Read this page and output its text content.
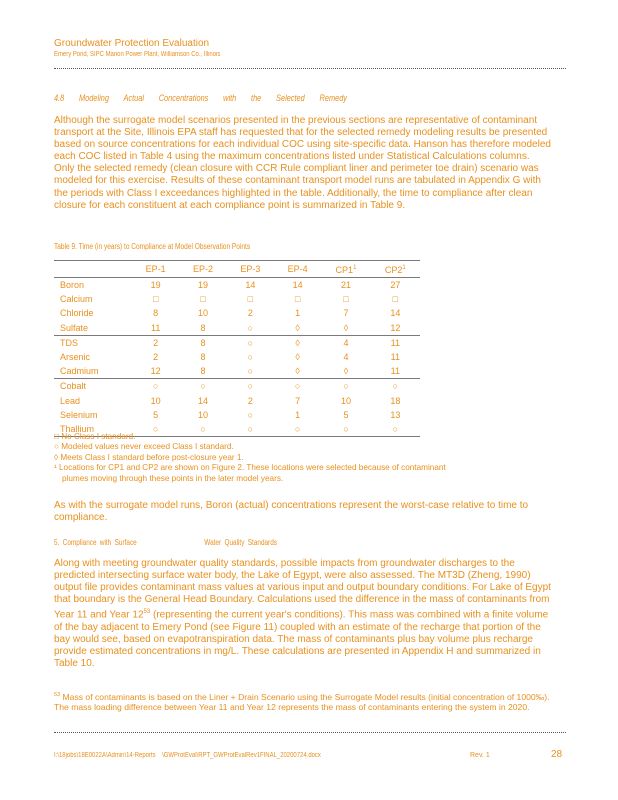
Groundwater Protection Evaluation
Emery Pond, SIPC Marion Power Plant, Williamson Co., Illinois
4.8    Modeling    Actual    Concentrations    with    the    Selected    Remedy

Although the surrogate model scenarios presented in the previous sections are representative of contaminant transport at the Site, Illinois EPA staff has requested that for the selected remedy modeling results be presented based on source concentrations for each individual COC using site-specific data. Hanson has therefore modeled each COC listed in Table 4 using the maximum concentrations listed under Statistical Calculations columns. Only the selected remedy (clean closure with CCR Rule compliant liner and perimeter toe drain) scenario was modeled for this exercise. Results of these contaminant transport model runs are tabulated in Appendix G with the periods with Class I exceedances highlighted in the table. Additionally, the time to compliance after clean closure for each constituent at each compliance point is summarized in Table 9.

Table 9. Time (in years) to Compliance at Model Observation Points
	EP-1	EP-2	EP-3	EP-4	$CP1^1$	$CP2^1$
Boron	19	19	14	14	21	27
Calcium	□	□	□	□	□	□
Chloride	8	10	2	1	7	14
Sulfate	11	8	○	◊	◊	12
TDS	2	8	○	◊	4	11
Arsenic	2	8	○	◊	4	11
Cadmium	12	8	○	◊	◊	11
Cobalt	○	○	○	○	○	○
Lead	10	14	2	7	10	18
Selenium	5	10	○	1	5	13
Thallium	○	○	○	○	○	○
□ No Class I standard.
○ Modeled values never exceed Class I standard.
◊ Meets Class I standard before post-closure year 1.
¹ Locations for CP1 and CP2 are shown on Figure 2. These locations were selected because of contaminant
plumes moving through these points in the later model years.

As with the surrogate model runs, Boron (actual) concentrations represent the worst-case relative to time to compliance.

5. Compliance with Surface                    Water Quality Standards

Along with meeting groundwater quality standards, possible impacts from groundwater discharges to the predicted intersecting surface water body, the Lake of Egypt, were also assessed. The MT3D (Zheng, 1990) output file provides contaminant mass values at various input and output boundary conditions. For Lake of Egypt that boundary is the General Head Boundary. Calculations used the difference in the mass of contaminants from Year 11 and Year $12^{53}$ (representing the current year's conditions). This mass was combined with a finite volume of the bay adjacent to Emery Pond (see Figure 11) coupled with an estimate of the recharge that portion of the bay would see, based on evapotranspiration data. The mass of contaminants plus bay volume plus recharge provide estimated concentrations in mg/L. These calculations are presented in Appendix H and summarized in Table 10.

$^{53}$ Mass of contaminants is based on the Liner + Drain Scenario using the Surrogate Model results (initial concentration of 1000‰). The mass loading difference between Year 11 and Year 12 represents the mass of contaminants entering the system in 2020.

I:\18jobs\18E0022A\Admin\14-Reports    \GWProtEval\RPT_GWProtEvalRev1FINAL_20200724.docx	Rev. 1	28
